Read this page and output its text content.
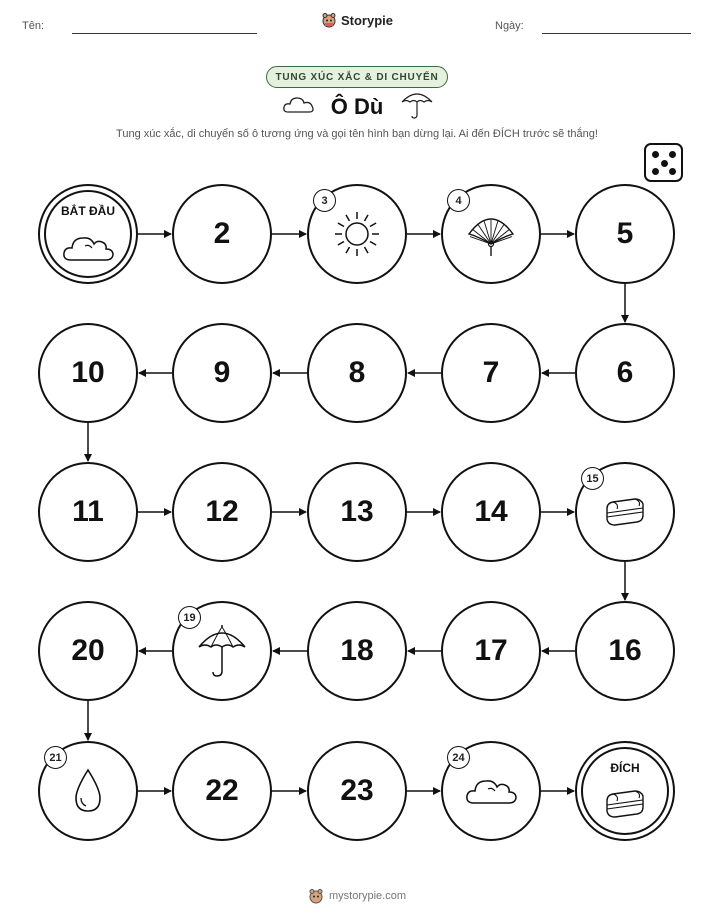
Tên:	Storypie	Ngày:
TUNG XÚC XẮC & DI CHUYỂN
Ô Dù
Tung xúc xắc, di chuyển số ô tương ứng và gọi tên hình bạn dừng lại. Ai đến ĐÍCH trước sẽ thắng!
BẮT ĐẦU
2
3	4
5
6
7
8
9
10
11	12	13	14
15
16
17
18
19
20
21
22	23
24
ĐÍCH
mystorypie.com
